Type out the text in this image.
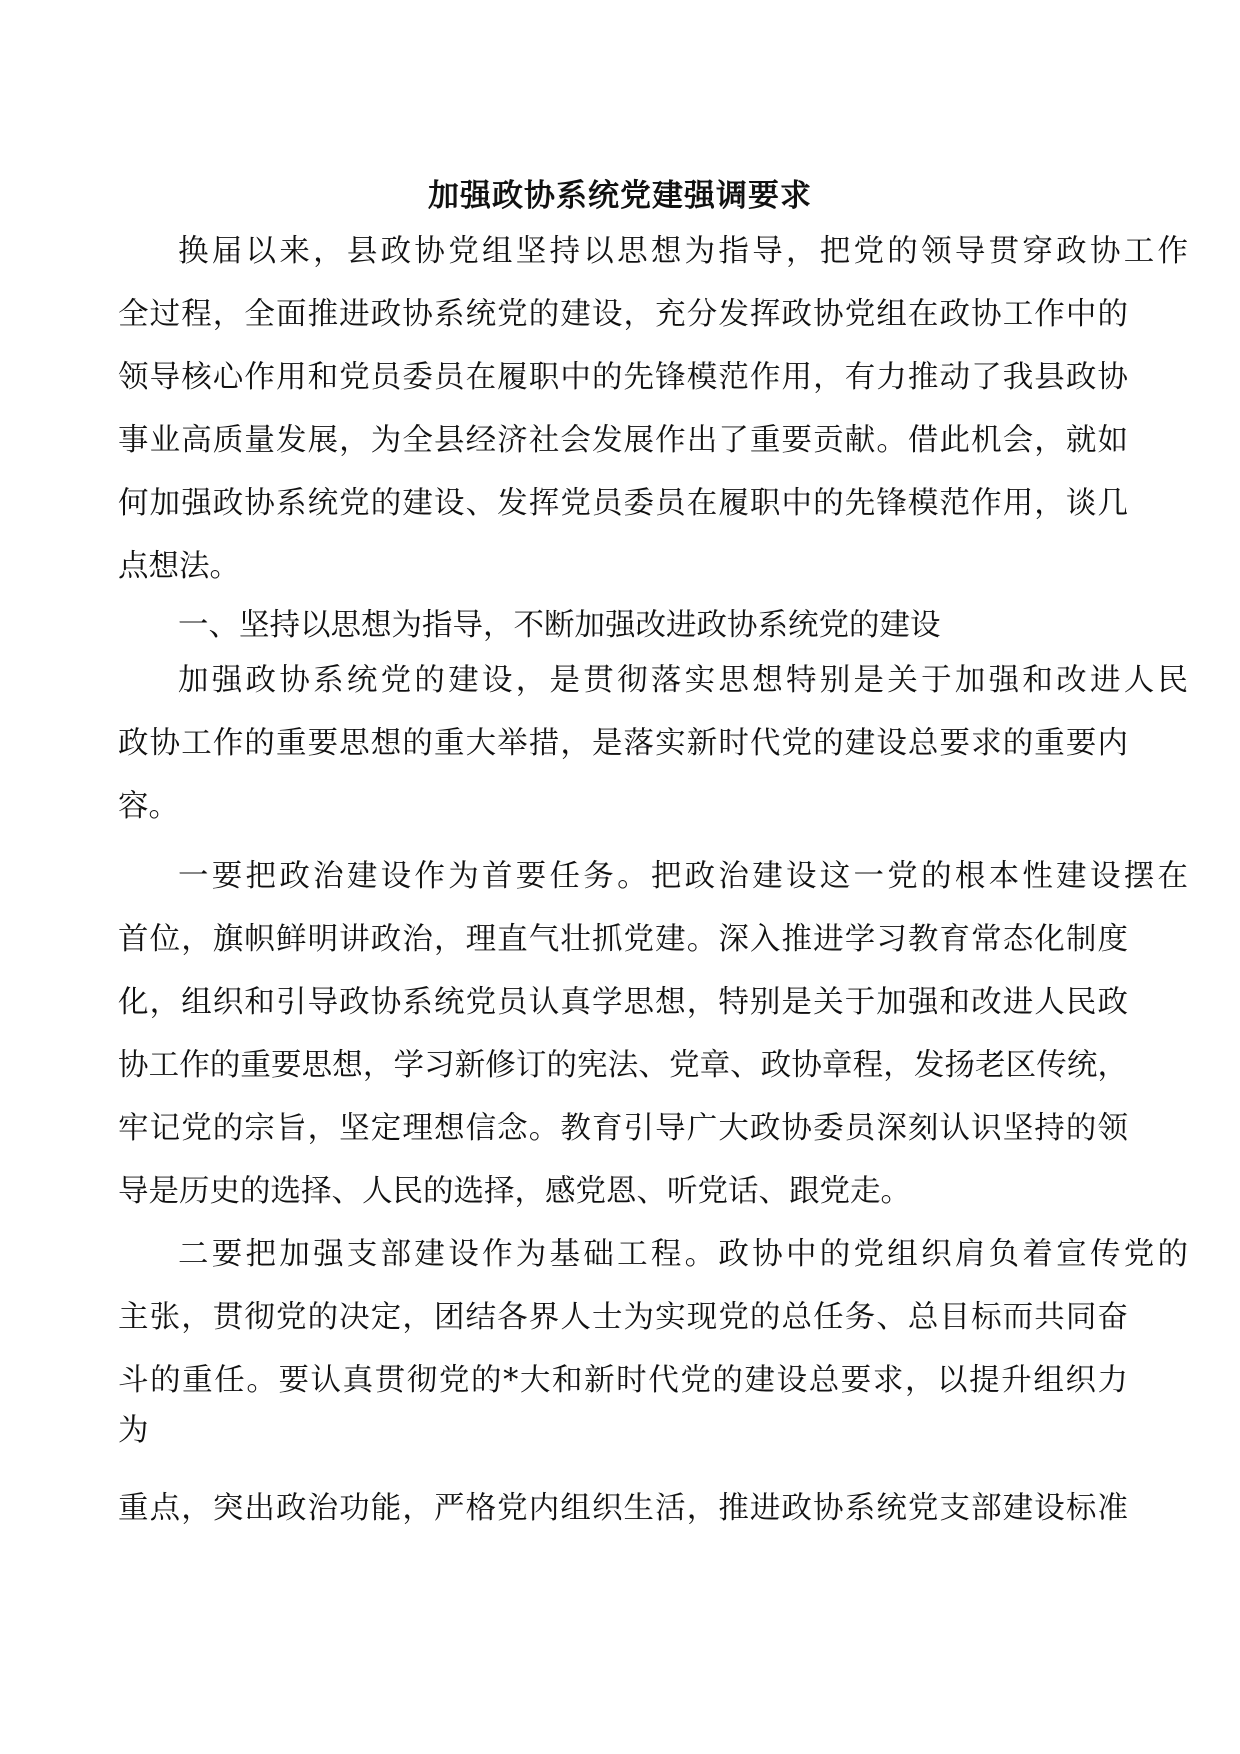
加强政协系统党建强调要求
换届以来，县政协党组坚持以思想为指导，把党的领导贯穿政协工作
全过程，全面推进政协系统党的建设，充分发挥政协党组在政协工作中的
领导核心作用和党员委员在履职中的先锋模范作用，有力推动了我县政协
事业高质量发展，为全县经济社会发展作出了重要贡献。借此机会，就如
何加强政协系统党的建设、发挥党员委员在履职中的先锋模范作用，谈几
点想法。
一、坚持以思想为指导，不断加强改进政协系统党的建设
加强政协系统党的建设，是贯彻落实思想特别是关于加强和改进人民
政协工作的重要思想的重大举措，是落实新时代党的建设总要求的重要内
容。
一要把政治建设作为首要任务。把政治建设这一党的根本性建设摆在
首位，旗帜鲜明讲政治，理直气壮抓党建。深入推进学习教育常态化制度
化，组织和引导政协系统党员认真学思想，特别是关于加强和改进人民政
协工作的重要思想，学习新修订的宪法、党章、政协章程，发扬老区传统，
牢记党的宗旨，坚定理想信念。教育引导广大政协委员深刻认识坚持的领
导是历史的选择、人民的选择，感党恩、听党话、跟党走。
二要把加强支部建设作为基础工程。政协中的党组织肩负着宣传党的
主张，贯彻党的决定，团结各界人士为实现党的总任务、总目标而共同奋
斗的重任。要认真贯彻党的*大和新时代党的建设总要求，以提升组织力
为
重点，突出政治功能，严格党内组织生活，推进政协系统党支部建设标准
